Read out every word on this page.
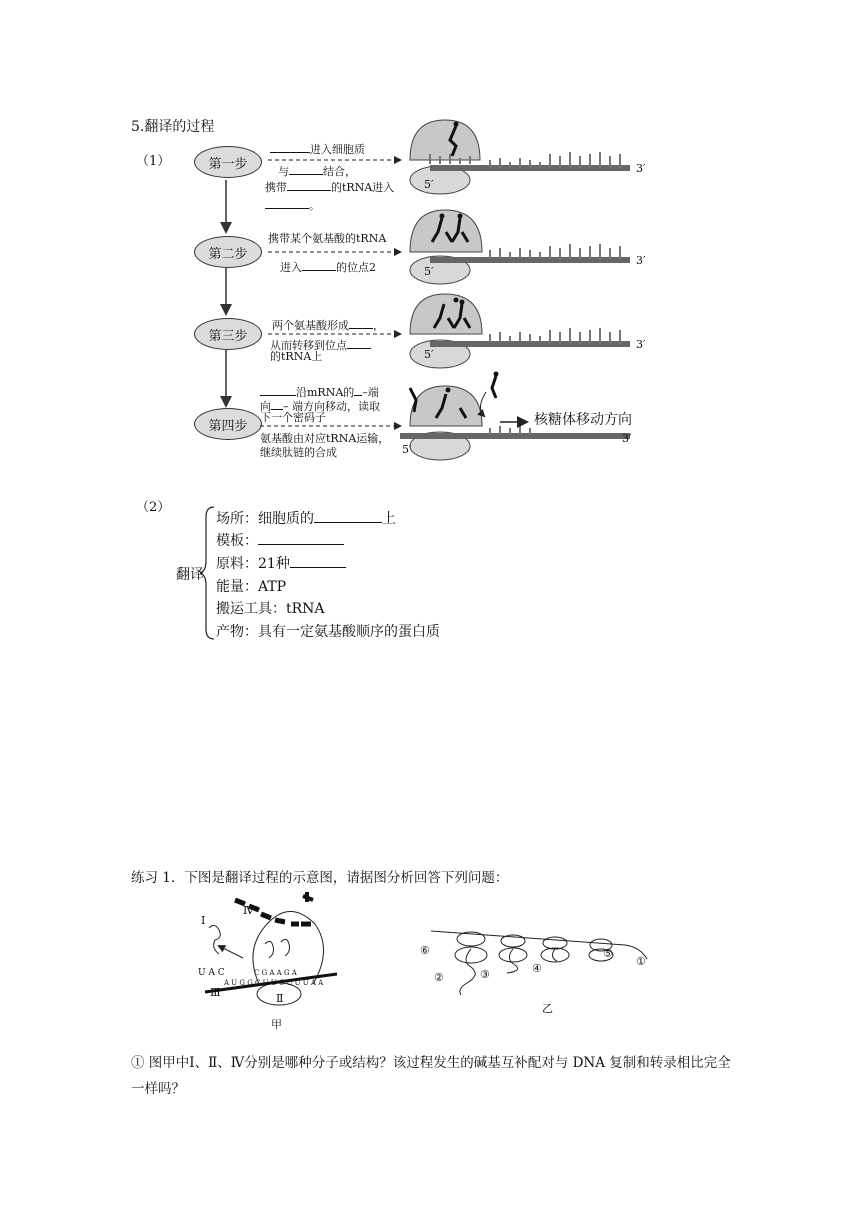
5.翻译的过程
（1）	第一步
第二步
第三步
第四步
进入细胞质
与	结合，
携带	的tRNA进入
。
携带某个氨基酸的tRNA
进入	的位点2
两个氨基酸形成 ，
从而转移到位点
的tRNA上
沿mRNA的 –端
向 – 端方向移动，读取
下一个密码子
氨基酸由对应tRNA运输，
继续肽链的合成
5′
3′
5′
3′
5′
3′
5′
3′
核糖体移动方向
（2）
翻译
场所：细胞质的	上
模板：
原料：21种
能量：ATP
搬运工具：tRNA
产物：具有一定氨基酸顺序的蛋白质
练习 1．下图是翻译过程的示意图，请据图分析回答下列问题：
Ⅰ
Ⅳ
Ⅱ
Ⅲ
U A C
A U G G C U U C U U U A A
C G A A G A
甲
⑥
②	③	④
⑤
①
乙
① 图甲中Ⅰ、Ⅱ、Ⅳ分别是哪种分子或结构？该过程发生的碱基互补配对与 DNA 复制和转录相比完全一样吗？
